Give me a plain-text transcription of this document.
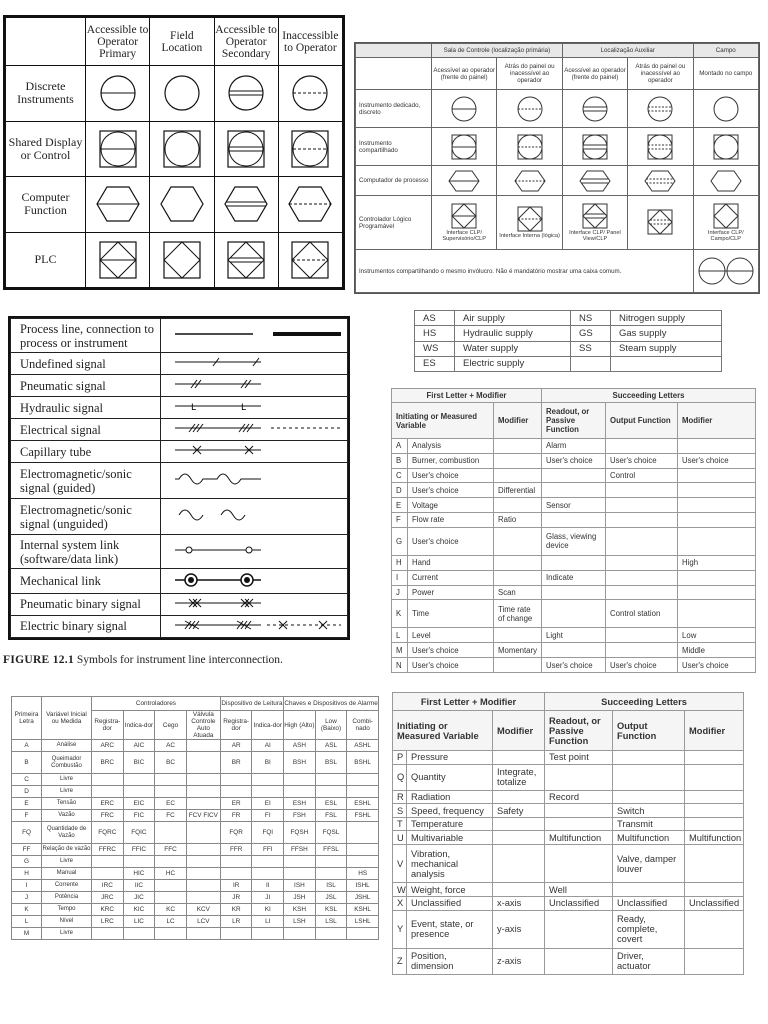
	Accessible to Operator Primary	Field Location	Accessible to Operator Secondary	Inaccessible to Operator
Discrete Instruments	

Shared Display or Control	

Computer Function	

PLC	

	Sala de Controle (localização primária)		Localização Auxiliar		Campo
	Acessível ao operador (frente do painel)	Atrás do painel ou inacessível ao operador	Acessível ao operador (frente do painel)	Atrás do painel ou inacessível ao operador	Montado no campo
Instrumento dedicado, discreto	

Instrumento compartilhado	

Computador de processo	

Controlador Lógico Programável	Interface CLP/ Supervisório/CLP	Interface Interna (lógica)	Interface CLP/ Panel View/CLP		Interface CLP/ Campo/CLP

Instrumentos compartilhando o mesmo invólucro. Não é mandatório mostrar uma caixa comum.	
Process line, connection to process or instrument	
Undefined signal	
Pneumatic signal	
Hydraulic signal	L L

Electrical signal	
Capillary tube	
Electromagnetic/sonic signal (guided)	
Electromagnetic/sonic signal (unguided)	
Internal system link (software/data link)	
Mechanical link	
Pneumatic binary signal	
Electric binary signal	
FIGURE 12.1 Symbols for instrument line interconnection.
AS	Air supply	NS	Nitrogen supply
HS	Hydraulic supply	GS	Gas supply
WS	Water supply	SS	Steam supply
ES	Electric supply		
First Letter + Modifier			Succeeding Letters		
Initiating or Measured Variable		Modifier	Readout, or Passive Function	Output Function	Modifier
A	Analysis		Alarm		
B	Burner, combustion		User's choice	User's choice	User's choice
C	User's choice			Control	
D	User's choice	Differential			
E	Voltage		Sensor		
F	Flow rate	Ratio			
G	User's choice		Glass, viewing device		
H	Hand				High
I	Current		Indicate		
J	Power	Scan			
K	Time	Time rate of change		Control station	
L	Level		Light		Low
M	User's choice	Momentary			Middle
N	User's choice		User's choice	User's choice	User's choice
Primeira Letra	Variável Inicial ou Medida	Controladores				Dispositivo de Leitura		Chaves e Dispositivos de Alarme		
		Registra-dor	Indica-dor	Cego	Válvula Controle Auto Atuada	Registra-dor	Indica-dor	High (Alto)	Low (Baixo)	Combi-nado
A	Análise	ARC	AIC	AC		AR	AI	ASH	ASL	ASHL
B	Queimador Combustão	BRC	BIC	BC		BR	BI	BSH	BSL	BSHL
C	Livre									
D	Livre									
E	Tensão	ERC	EIC	EC		ER	EI	ESH	ESL	ESHL
F	Vazão	FRC	FIC	FC	FCV FICV	FR	FI	FSH	FSL	FSHL
FQ	Quantidade de Vazão	FQRC	FQIC			FQR	FQI	FQSH	FQSL	
FF	Relação de vazão	FFRC	FFIC	FFC		FFR	FFI	FFSH	FFSL	
G	Livre									
H	Manual		HIC	HC						HS
I	Corrente	IRC	IIC			IR	II	ISH	ISL	ISHL
J	Potência	JRC	JIC			JR	JI	JSH	JSL	JSHL
K	Tempo	KRC	KIC	KC	KCV	KR	KI	KSH	KSL	KSHL
L	Nível	LRC	LIC	LC	LCV	LR	LI	LSH	LSL	LSHL
M	Livre									
First Letter + Modifier			Succeeding Letters		
Initiating or Measured Variable		Modifier	Readout, or Passive Function	Output Function	Modifier
P	Pressure		Test point		
Q	Quantity	Integrate, totalize			
R	Radiation		Record		
S	Speed, frequency	Safety		Switch	
T	Temperature			Transmit	
U	Multivariable		Multifunction	Multifunction	Multifunction
V	Vibration, mechanical analysis			Valve, damper louver	
W	Weight, force		Well		
X	Unclassified	x-axis	Unclassified	Unclassified	Unclassified
Y	Event, state, or presence	y-axis		Ready, complete, covert	
Z	Position, dimension	z-axis		Driver, actuator	
